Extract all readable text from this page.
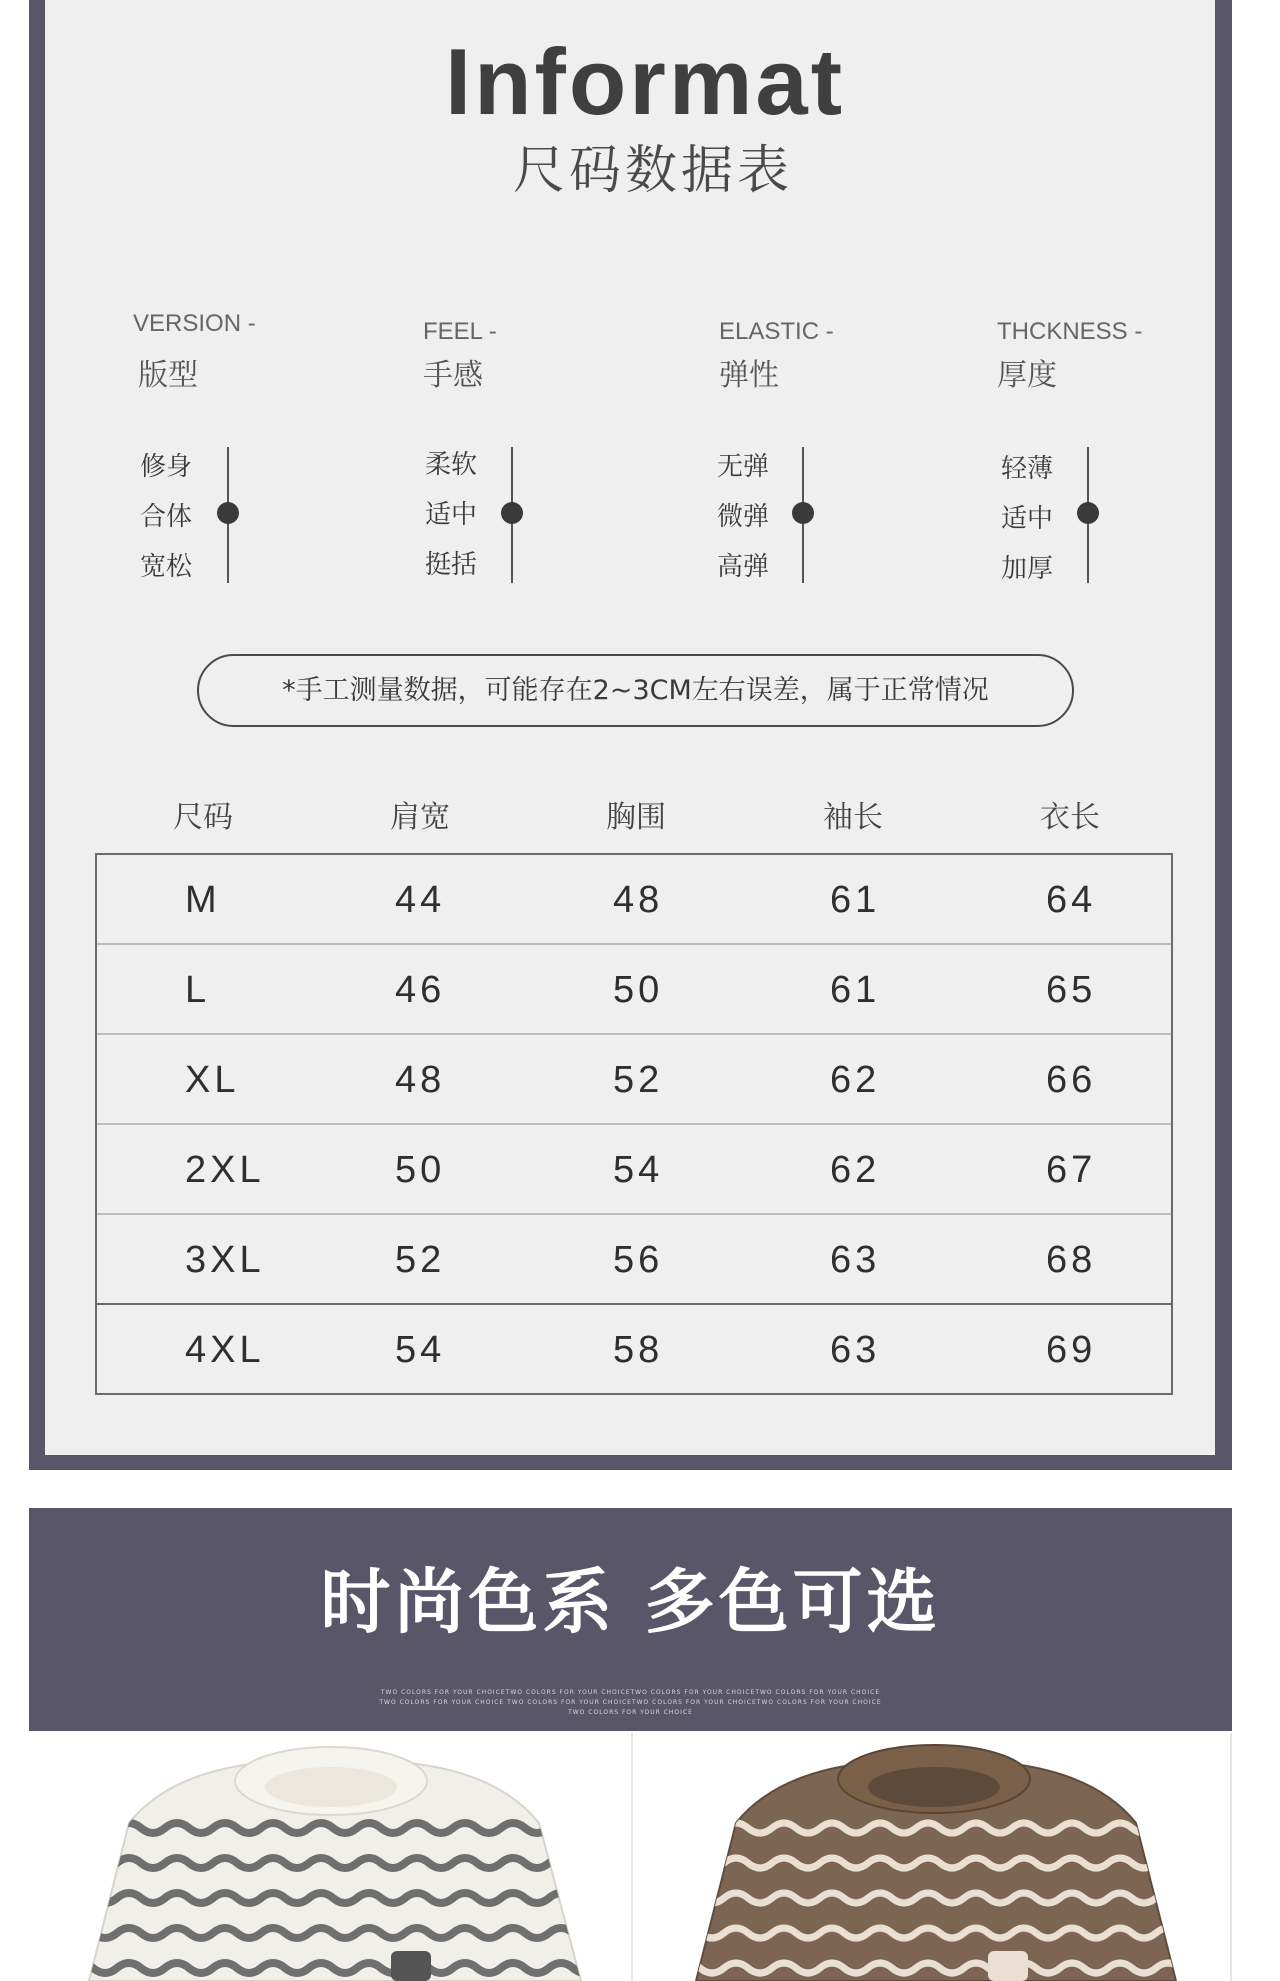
Informat
尺码数据表
VERSION -
版型
修身
合体
宽松
FEEL -
手感
柔软
适中
挺括
ELASTIC -
弹性
无弹
微弹
高弹
THCKNESS -
厚度
轻薄
适中
加厚
*手工测量数据，可能存在2~3CM左右误差，属于正常情况
尺码	肩宽	胸围	袖长	衣长
M	44	48	61	64
L	46	50	61	65
XL	48	52	62	66
2XL	50	54	62	67
3XL	52	56	63	68
4XL	54	58	63	69
时尚色系 多色可选
TWO COLORS FOR YOUR CHOICETWO COLORS FOR YOUR CHOICETWO COLORS FOR YOUR CHOICETWO COLORS FOR YOUR CHOICE
TWO COLORS FOR YOUR CHOICE TWO COLORS FOR YOUR CHOICETWO COLORS FOR YOUR CHOICETWO COLORS FOR YOUR CHOICE
TWO COLORS FOR YOUR CHOICE
